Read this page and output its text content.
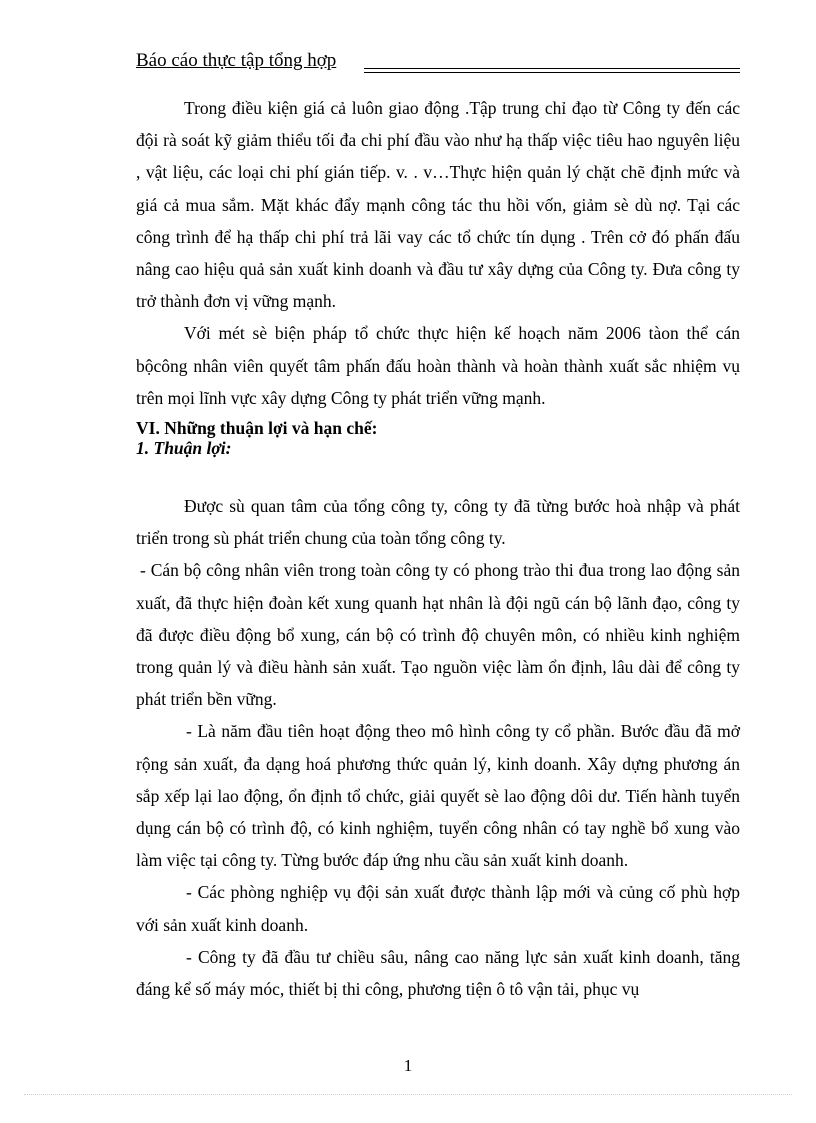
Báo cáo thực tập tổng hợp

Trong điều kiện giá cả luôn giao động .Tập trung chỉ đạo từ Công ty đến các đội rà soát kỹ giảm thiểu tối đa chi phí đầu vào như hạ thấp việc tiêu hao nguyên liệu , vật liệu, các loại chi phí gián tiếp. v. . v…Thực hiện quản lý chặt chẽ định mức và giá cả mua sắm. Mặt khác đẩy mạnh công tác thu hồi vốn, giảm sè dù nợ. Tại các công trình để hạ thấp chi phí trả lãi vay các tổ chức tín dụng . Trên cở đó phấn đấu nâng cao hiệu quả sản xuất kinh doanh và đầu tư xây dựng của Công ty. Đưa công ty trở thành đơn vị vững mạnh.

Với mét sè biện pháp tổ chức thực hiện kế hoạch năm 2006 tàon thể cán bộcông nhân viên quyết tâm phấn đấu hoàn thành và hoàn thành xuất sắc nhiệm vụ trên mọi lĩnh vực xây dựng Công ty phát triển vững mạnh.

VI. Những thuận lợi và hạn chế:
1. Thuận lợi:

Được sù quan tâm của tổng công ty, công ty đã từng bước hoà nhập và phát triển trong sù phát triển chung của toàn tổng công ty.

- Cán bộ công nhân viên trong toàn công ty có phong trào thi đua trong lao động sản xuất, đã thực hiện đoàn kết xung quanh hạt nhân là đội ngũ cán bộ lãnh đạo, công ty đã được điều động bổ xung, cán bộ có trình độ chuyên môn, có nhiều kinh nghiệm trong quản lý và điều hành sản xuất. Tạo nguồn việc làm ổn định, lâu dài để công ty phát triển bền vững.

- Là năm đầu tiên hoạt động theo mô hình công ty cổ phần. Bước đầu đã mở rộng sản xuất, đa dạng hoá phương thức quản lý, kinh doanh. Xây dựng phương án sắp xếp lại lao động, ổn định tổ chức, giải quyết sè lao động dôi dư. Tiến hành tuyển dụng cán bộ có trình độ, có kinh nghiệm, tuyển công nhân có tay nghề bổ xung vào làm việc tại công ty. Từng bước đáp ứng nhu cầu sản xuất kinh doanh.

- Các phòng nghiệp vụ đội sản xuất được thành lập mới và củng cố phù hợp với sản xuất kinh doanh.

- Công ty đã đầu tư chiều sâu, nâng cao năng lực sản xuất kinh doanh, tăng đáng kể số máy móc, thiết bị thi công, phương tiện ô tô vận tải, phục vụ

1
